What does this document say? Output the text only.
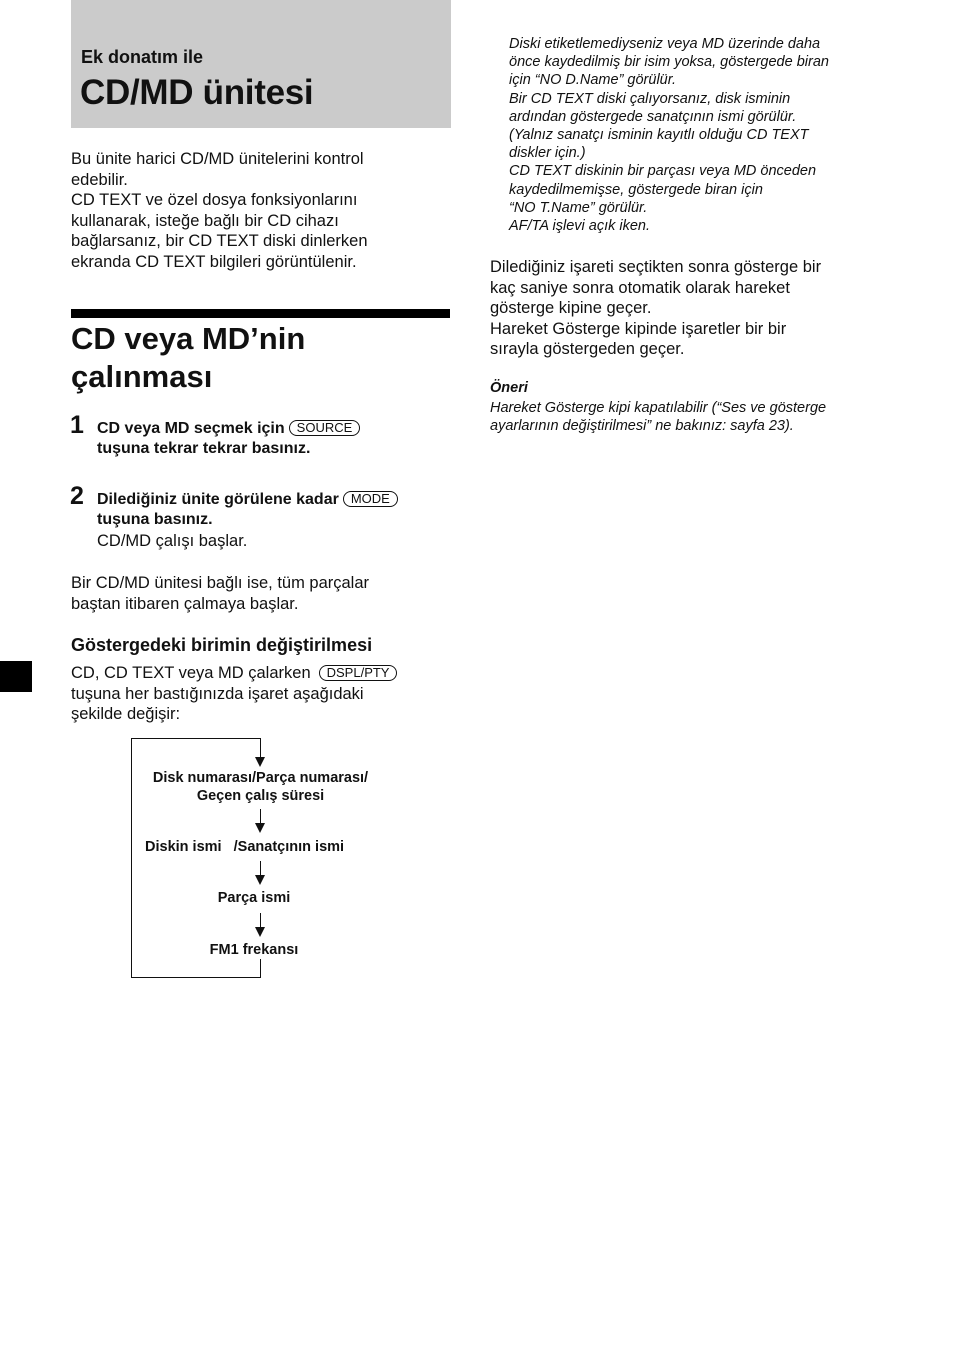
Ek donatım ile
CD/MD ünitesi
Bu ünite harici CD/MD ünitelerini kontrol
edebilir.
CD TEXT ve özel dosya fonksiyonlarını
kullanarak, isteğe bağlı bir CD cihazı
bağlarsanız, bir CD TEXT diski dinlerken
ekranda CD TEXT bilgileri görüntülenir.
CD veya MD’nin
çalınması
1 CD veya MD seçmek için SOURCE
tuşuna tekrar tekrar basınız.
2 Dilediğiniz ünite görülene kadar MODE
tuşuna basınız.
CD/MD çalışı başlar.
Bir CD/MD ünitesi bağlı ise, tüm parçalar
baştan itibaren çalmaya başlar.
Göstergedeki birimin değiştirilmesi
CD, CD TEXT veya MD çalarken DSPL/PTY
tuşuna her bastığınızda işaret aşağıdaki
şekilde değişir:
Disk numarası/Parça numarası/
Geçen çalış süresi
Diskin ismi /Sanatçının ismi
Parça ismi
FM1 frekansı
Diski etiketlemediyseniz veya MD üzerinde daha
önce kaydedilmiş bir isim yoksa, göstergede biran
için “NO D.Name” görülür.
Bir CD TEXT diski çalıyorsanız, disk isminin
ardından göstergede sanatçının ismi görülür.
(Yalnız sanatçı isminin kayıtlı olduğu CD TEXT
diskler için.)
CD TEXT diskinin bir parçası veya MD önceden
kaydedilmemişse, göstergede biran için
“NO T.Name” görülür.
AF/TA işlevi açık iken.
Dilediğiniz işareti seçtikten sonra gösterge bir
kaç saniye sonra otomatik olarak hareket
gösterge kipine geçer.
Hareket Gösterge kipinde işaretler bir bir
sırayla göstergeden geçer.
Öneri
Hareket Gösterge kipi kapatılabilir (“Ses ve gösterge
ayarlarının değiştirilmesi” ne bakınız: sayfa 23).
